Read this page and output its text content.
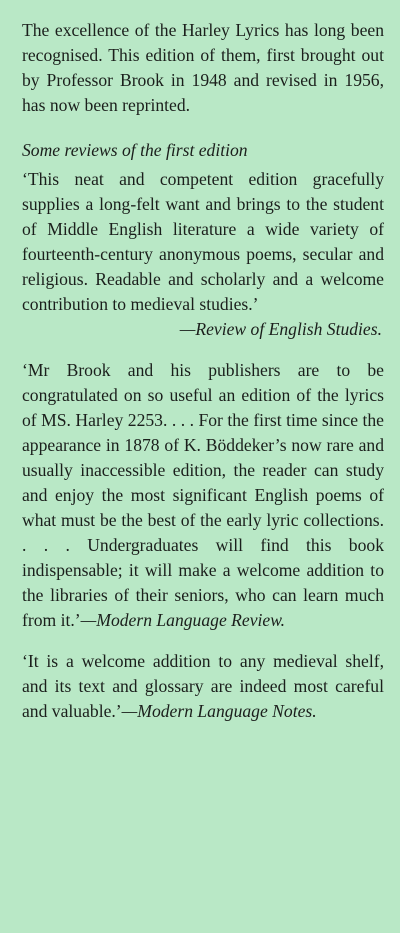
The excellence of the Harley Lyrics has long been recognised. This edition of them, first brought out by Professor Brook in 1948 and revised in 1956, has now been reprinted.

Some reviews of the first edition

‘This neat and competent edition gracefully supplies a long-felt want and brings to the student of Middle English literature a wide variety of fourteenth-century anonymous poems, secular and religious. Readable and scholarly and a welcome contribution to medieval studies.’

—Review of English Studies.

‘Mr Brook and his publishers are to be congratulated on so useful an edition of the lyrics of MS. Harley 2253. . . . For the first time since the appearance in 1878 of K. Böddeker’s now rare and usually inaccessible edition, the reader can study and enjoy the most significant English poems of what must be the best of the early lyric collections. . . . Undergraduates will find this book indispensable; it will make a welcome addition to the libraries of their seniors, who can learn much from it.’—Modern Language Review.

‘It is a welcome addition to any medieval shelf, and its text and glossary are indeed most careful and valuable.’—Modern Language Notes.
